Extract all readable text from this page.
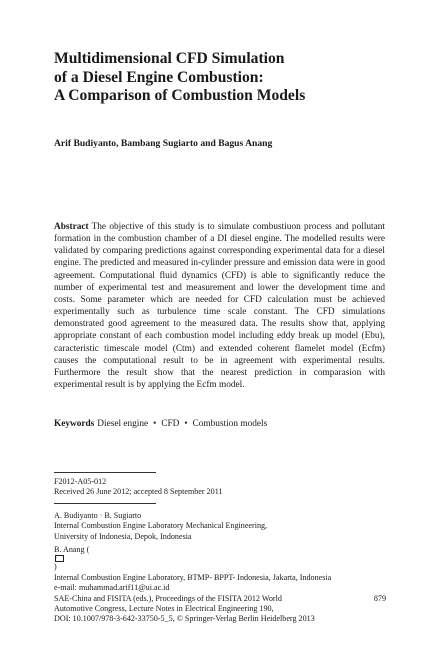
Multidimensional CFD Simulation
of a Diesel Engine Combustion:
A Comparison of Combustion Models

Arif Budiyanto, Bambang Sugiarto and Bagus Anang

Abstract The objective of this study is to simulate combustiuon process and pollutant formation in the combustion chamber of a DI diesel engine. The modelled results were validated by comparing predictions against corresponding experimental data for a diesel engine. The predicted and measured in-cylinder pressure and emission data were in good agreement. Computational fluid dynamics (CFD) is able to significantly reduce the number of experimental test and measurement and lower the development time and costs. Some parameter which are needed for CFD calculation must be achieved experimentally such as turbulence time scale constant. The CFD simulations demonstrated good agreement to the measured data. The results show that, applying appropriate constant of each combustion model including eddy break up model (Ebu), caracteristic timescale model (Ctm) and extended coherent flamelet model (Ecfm) causes the computational result to be in agreement with experimental results. Furthermore the result show that the nearest prediction in comparasion with experimental result is by applying the Ecfm model.

Keywords Diesel engine • CFD • Combustion models

F2012-A05-012
Received 26 June 2012; accepted 8 September 2011

A. Budiyanto · B. Sugiarto
Internal Combustion Engine Laboratory Mechanical Engineering,
University of Indonesia, Depok, Indonesia

B. Anang (
)
Internal Combustion Engine Laboratory, BTMP- BPPT- Indonesia, Jakarta, Indonesia
e-mail: muhammad.arif11@ui.ac.id

SAE-China and FISITA (eds.), Proceedings of the FISITA 2012 World
Automotive Congress, Lecture Notes in Electrical Engineering 190,
DOI: 10.1007/978-3-642-33750-5_5, © Springer-Verlag Berlin Heidelberg 2013

879
